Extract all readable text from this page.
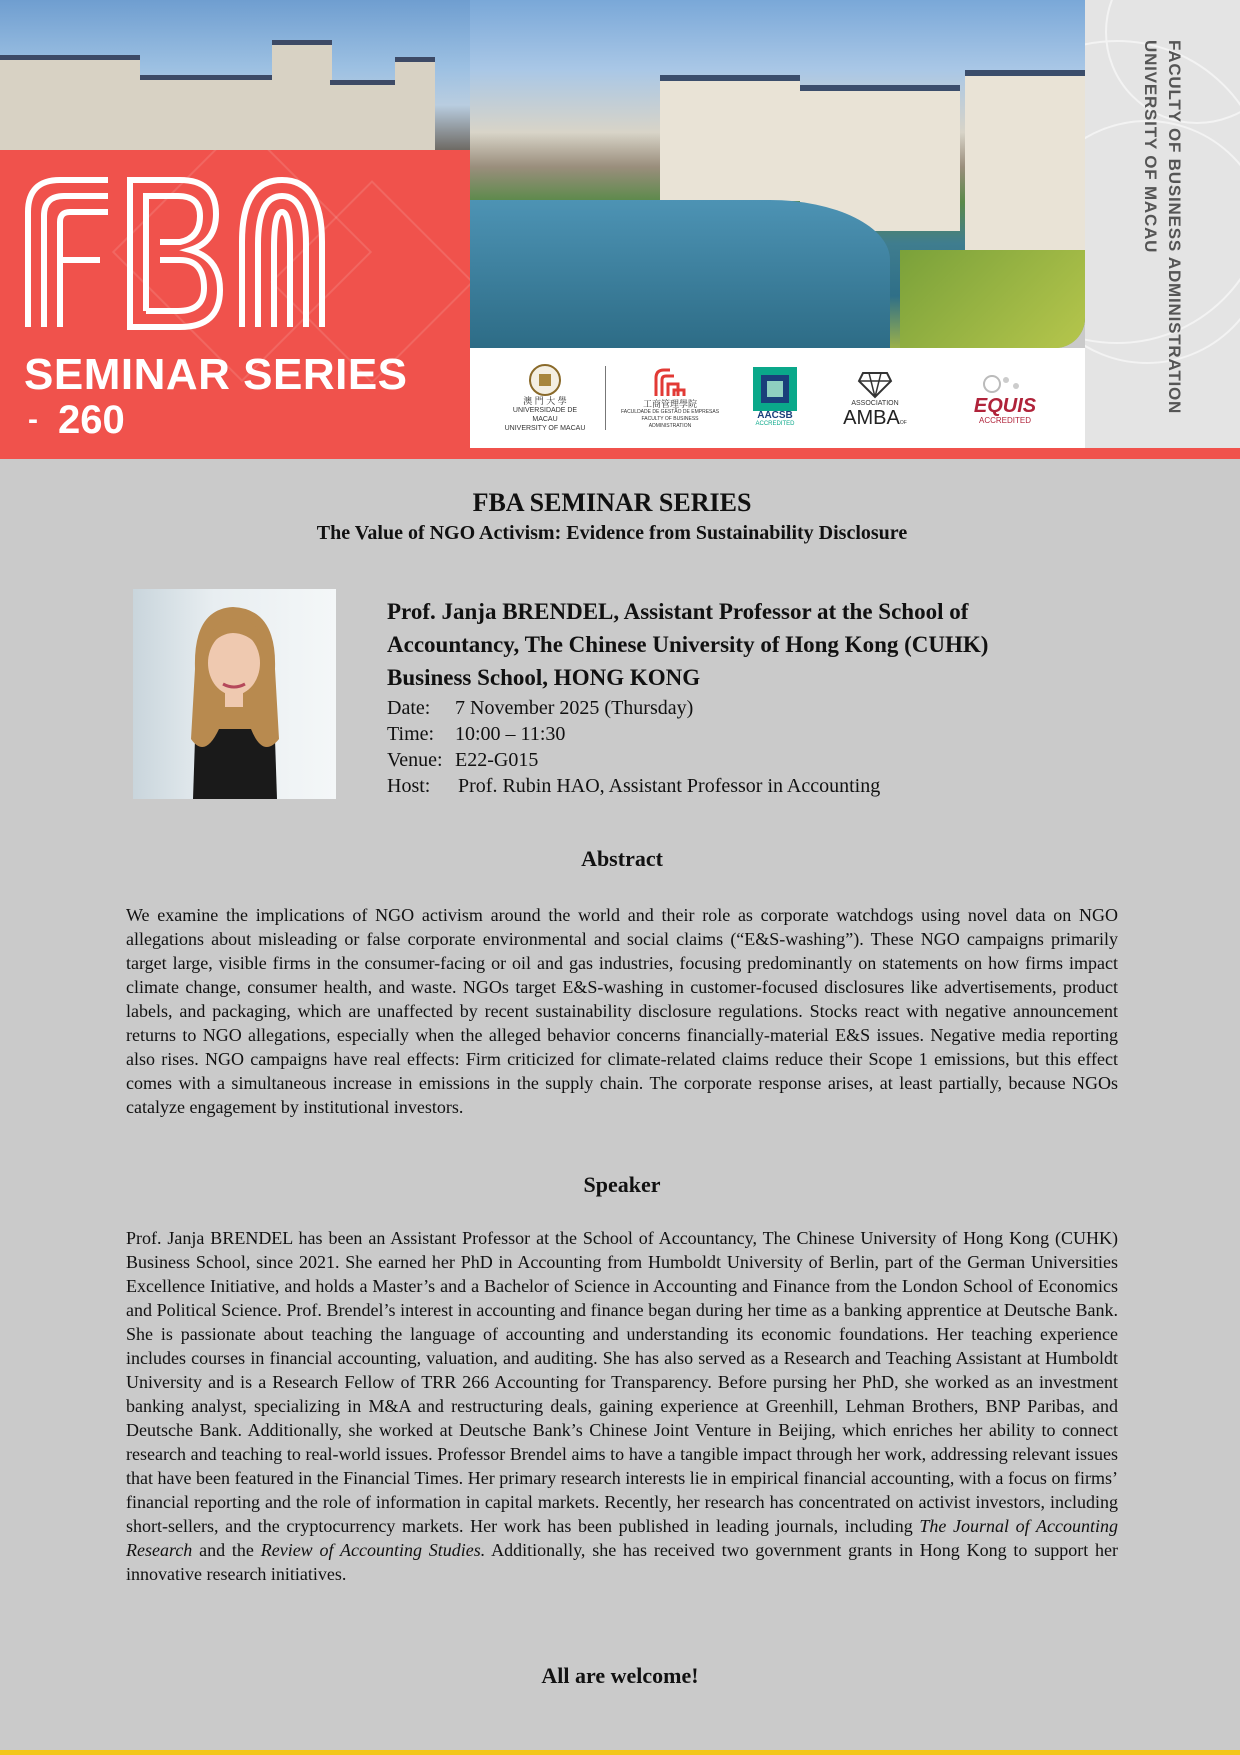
SEMINAR SERIES
- 260	澳 門 大 學
UNIVERSIDADE DE MACAU
UNIVERSITY OF MACAU
工商管理學院
FACULDADE DE GESTÃO DE EMPRESAS
FACULTY OF BUSINESS ADMINISTRATION
AACSB
ACCREDITED
ASSOCIATION
AMBA OF
EQUIS
ACCREDITED
UNIVERSITY OF MACAU FACULTY OF BUSINESS ADMINISTRATION
FBA SEMINAR SERIES
The Value of NGO Activism: Evidence from Sustainability Disclosure
Prof. Janja BRENDEL, Assistant Professor at the School of
Accountancy, The Chinese University of Hong Kong (CUHK)
Business School, HONG KONG
Date: 7 November 2025 (Thursday)
Time: 10:00 – 11:30
Venue: E22-G015
Host: Prof. Rubin HAO, Assistant Professor in Accounting
Abstract

We examine the implications of NGO activism around the world and their role as corporate watchdogs using novel data on NGO allegations about misleading or false corporate environmental and social claims (“E&S-washing”). These NGO campaigns primarily target large, visible firms in the consumer-facing or oil and gas industries, focusing predominantly on statements on how firms impact climate change, consumer health, and waste. NGOs target E&S-washing in customer-focused disclosures like advertisements, product labels, and packaging, which are unaffected by recent sustainability disclosure regulations. Stocks react with negative announcement returns to NGO allegations, especially when the alleged behavior concerns financially-material E&S issues. Negative media reporting also rises. NGO campaigns have real effects: Firm criticized for climate-related claims reduce their Scope 1 emissions, but this effect comes with a simultaneous increase in emissions in the supply chain. The corporate response arises, at least partially, because NGOs catalyze engagement by institutional investors.

Speaker

Prof. Janja BRENDEL has been an Assistant Professor at the School of Accountancy, The Chinese University of Hong Kong (CUHK) Business School, since 2021. She earned her PhD in Accounting from Humboldt University of Berlin, part of the German Universities Excellence Initiative, and holds a Master’s and a Bachelor of Science in Accounting and Finance from the London School of Economics and Political Science. Prof. Brendel’s interest in accounting and finance began during her time as a banking apprentice at Deutsche Bank. She is passionate about teaching the language of accounting and understanding its economic foundations. Her teaching experience includes courses in financial accounting, valuation, and auditing. She has also served as a Research and Teaching Assistant at Humboldt University and is a Research Fellow of TRR 266 Accounting for Transparency. Before pursing her PhD, she worked as an investment banking analyst, specializing in M&A and restructuring deals, gaining experience at Greenhill, Lehman Brothers, BNP Paribas, and Deutsche Bank. Additionally, she worked at Deutsche Bank’s Chinese Joint Venture in Beijing, which enriches her ability to connect research and teaching to real-world issues. Professor Brendel aims to have a tangible impact through her work, addressing relevant issues that have been featured in the Financial Times. Her primary research interests lie in empirical financial accounting, with a focus on firms’ financial reporting and the role of information in capital markets. Recently, her research has concentrated on activist investors, including short-sellers, and the cryptocurrency markets. Her work has been published in leading journals, including The Journal of Accounting Research and the Review of Accounting Studies. Additionally, she has received two government grants in Hong Kong to support her innovative research initiatives.

All are welcome!
